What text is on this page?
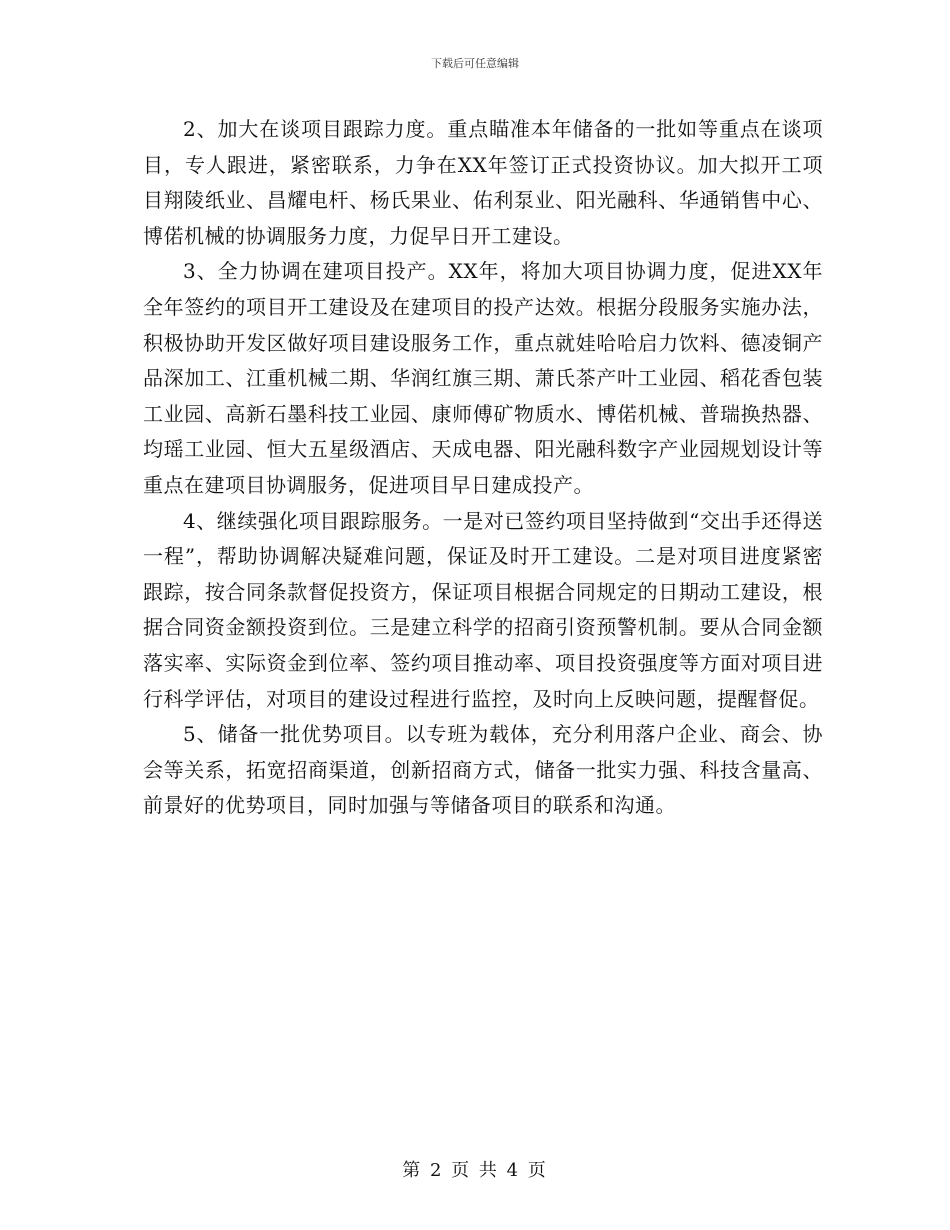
下载后可任意编辑

2、加大在谈项目跟踪力度。重点瞄准本年储备的一批如等重点在谈项目，专人跟进，紧密联系，力争在XX年签订正式投资协议。加大拟开工项目翔陵纸业、昌耀电杆、杨氏果业、佑利泵业、阳光融科、华通销售中心、博偌机械的协调服务力度，力促早日开工建设。

3、全力协调在建项目投产。XX年，将加大项目协调力度，促进XX年全年签约的项目开工建设及在建项目的投产达效。根据分段服务实施办法，积极协助开发区做好项目建设服务工作，重点就娃哈哈启力饮料、德凌铜产品深加工、江重机械二期、华润红旗三期、萧氏茶产叶工业园、稻花香包装工业园、高新石墨科技工业园、康师傅矿物质水、博偌机械、普瑞换热器、均瑶工业园、恒大五星级酒店、天成电器、阳光融科数字产业园规划设计等重点在建项目协调服务，促进项目早日建成投产。

4、继续强化项目跟踪服务。一是对已签约项目坚持做到“交出手还得送一程”，帮助协调解决疑难问题，保证及时开工建设。二是对项目进度紧密跟踪，按合同条款督促投资方，保证项目根据合同规定的日期动工建设，根据合同资金额投资到位。三是建立科学的招商引资预警机制。要从合同金额落实率、实际资金到位率、签约项目推动率、项目投资强度等方面对项目进行科学评估，对项目的建设过程进行监控，及时向上反映问题，提醒督促。

5、储备一批优势项目。以专班为载体，充分利用落户企业、商会、协会等关系，拓宽招商渠道，创新招商方式，储备一批实力强、科技含量高、前景好的优势项目，同时加强与等储备项目的联系和沟通。

第 2 页 共 4 页
